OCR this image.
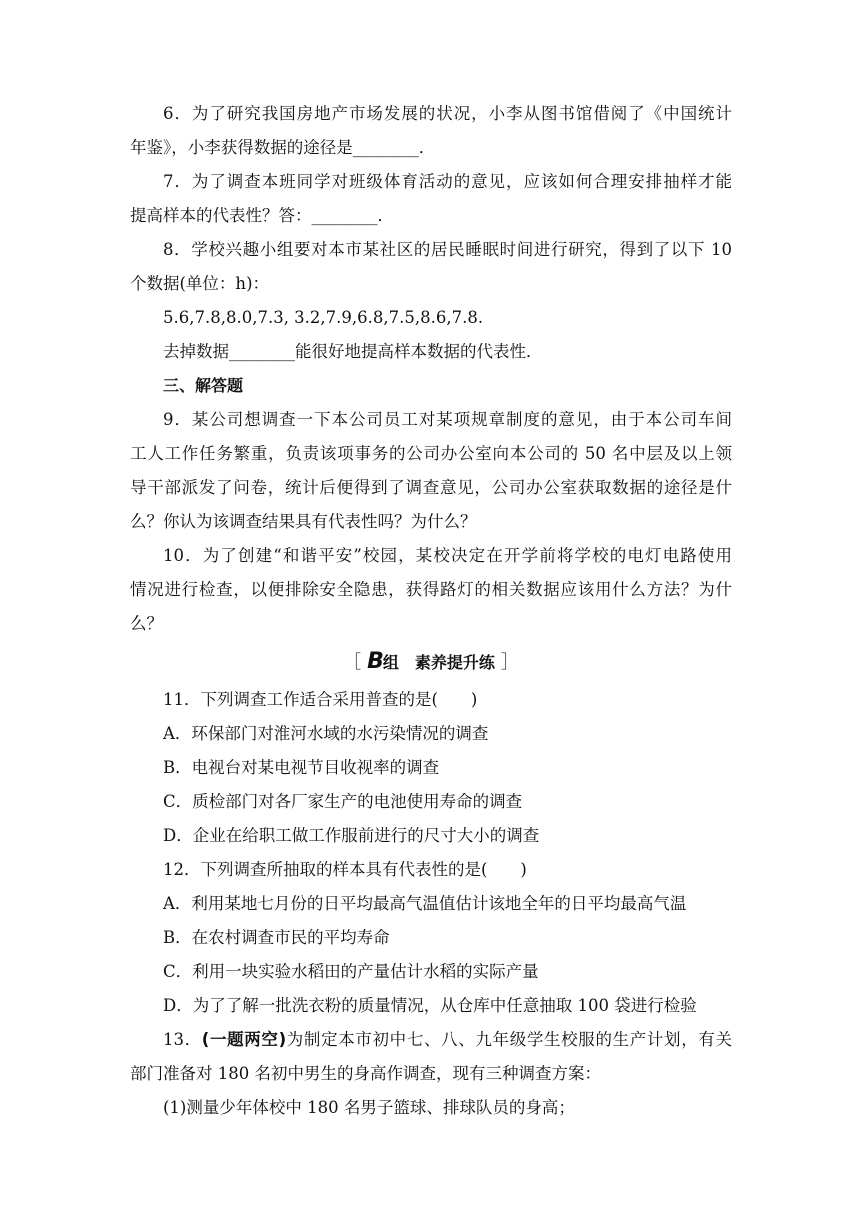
6．为了研究我国房地产市场发展的状况，小李从图书馆借阅了《中国统计

年鉴》，小李获得数据的途径是________．

7．为了调查本班同学对班级体育活动的意见，应该如何合理安排抽样才能

提高样本的代表性？答：________．

8．学校兴趣小组要对本市某社区的居民睡眠时间进行研究，得到了以下 10

个数据(单位：h)：

5.6,7.8,8.0,7.3, 3.2,7.9,6.8,7.5,8.6,7.8.

去掉数据________能很好地提高样本数据的代表性．

三、解答题

9．某公司想调查一下本公司员工对某项规章制度的意见，由于本公司车间

工人工作任务繁重，负责该项事务的公司办公室向本公司的 50 名中层及以上领

导干部派发了问卷，统计后便得到了调查意见，公司办公室获取数据的途径是什

么？你认为该调查结果具有代表性吗？为什么？

10．为了创建“和谐平安”校园，某校决定在开学前将学校的电灯电路使用

情况进行检查，以便排除安全隐患，获得路灯的相关数据应该用什么方法？为什

么？

［ B组　素养提升练 ］

11．下列调查工作适合采用普查的是(　　)

A．环保部门对淮河水域的水污染情况的调查

B．电视台对某电视节目收视率的调查

C．质检部门对各厂家生产的电池使用寿命的调查

D．企业在给职工做工作服前进行的尺寸大小的调查

12．下列调查所抽取的样本具有代表性的是(　　)

A．利用某地七月份的日平均最高气温值估计该地全年的日平均最高气温

B．在农村调查市民的平均寿命

C．利用一块实验水稻田的产量估计水稻的实际产量

D．为了了解一批洗衣粉的质量情况，从仓库中任意抽取 100 袋进行检验

13．(一题两空)为制定本市初中七、八、九年级学生校服的生产计划，有关

部门准备对 180 名初中男生的身高作调查，现有三种调查方案：

(1)测量少年体校中 180 名男子篮球、排球队员的身高；
